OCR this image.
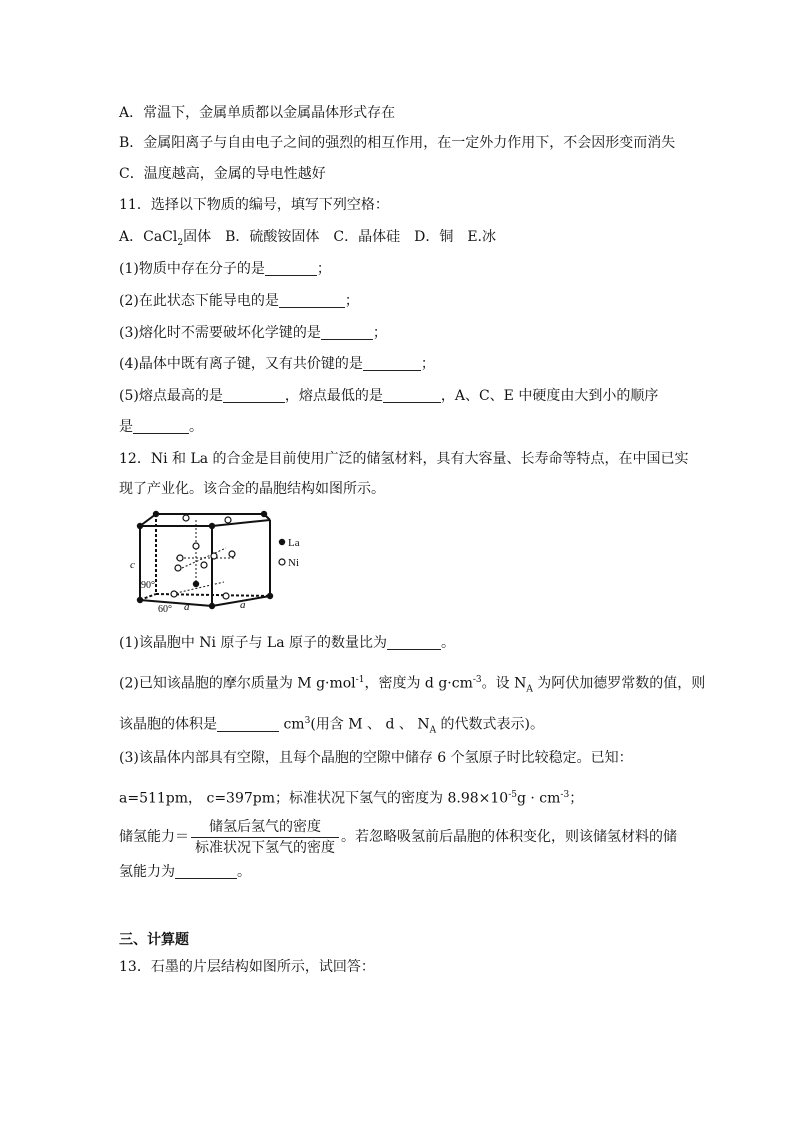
A．常温下，金属单质都以金属晶体形式存在
B．金属阳离子与自由电子之间的强烈的相互作用，在一定外力作用下，不会因形变而消失
C．温度越高，金属的导电性越好
11．选择以下物质的编号，填写下列空格：
A．CaCl$_2$固体　B．硫酸铵固体　C．晶体硅　D．铜　E.冰
(1)物质中存在分子的是	；
(2)在此状态下能导电的是	；
(3)熔化时不需要破坏化学键的是	；
(4)晶体中既有离子键，又有共价键的是	；
(5)熔点最高的是	，熔点最低的是	，A、C、E 中硬度由大到小的顺序
是	。
12．Ni 和 La 的合金是目前使用广泛的储氢材料，具有大容量、长寿命等特点，在中国已实
现了产业化。该合金的晶胞结构如图所示。
La
Ni
c
90°
60° a	a
(1)该晶胞中 Ni 原子与 La 原子的数量比为	。
(2)已知该晶胞的摩尔质量为 M g·mol$^{-1}$，密度为 d $g\cdot cm^{-3}$。设 $N_A$ 为阿伏加德罗常数的值，则
该晶胞的体积是	$cm^3$(用含 M 、 d 、 $N_A$ 的代数式表示)。
(3)该晶体内部具有空隙，且每个晶胞的空隙中储存 6 个氢原子时比较稳定。已知：
a=511pm， c=397pm；标准状况下氢气的密度为 $8.98\times 10^{-5}g \cdot cm^{-3}$；
储氢能力＝ $\frac{\text{储氢后氢气的密度}}{\text{标准状况下氢气的密度}}$ 。若忽略吸氢前后晶胞的体积变化，则该储氢材料的储
氢能力为	。
三、计算题
13．石墨的片层结构如图所示，试回答：
